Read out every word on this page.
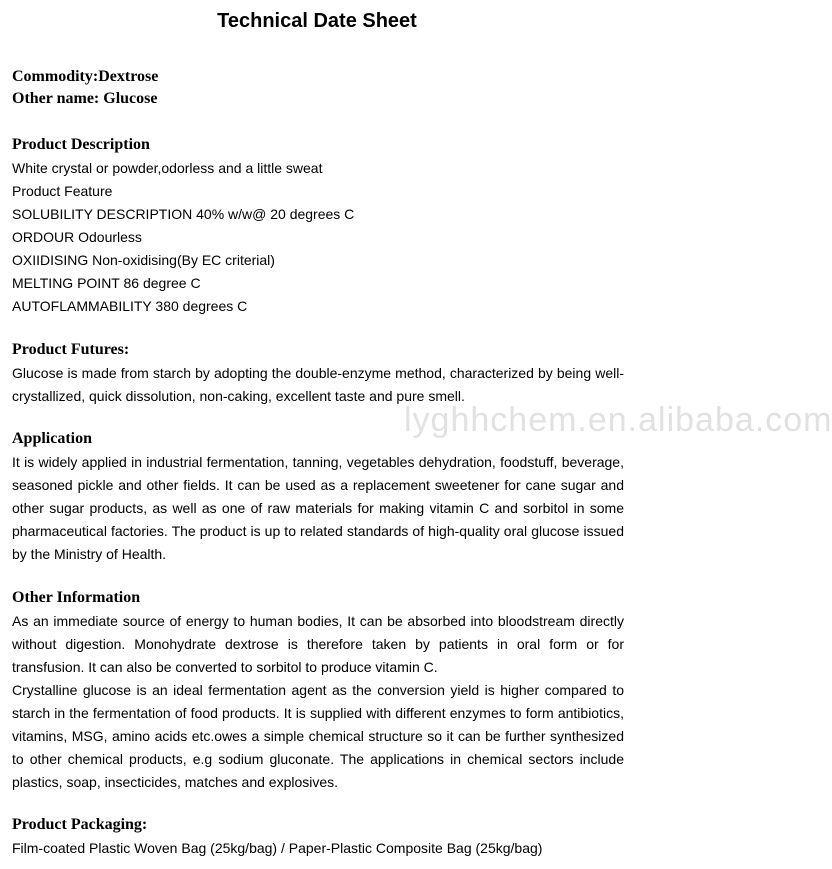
Technical Date Sheet
Commodity:Dextrose
Other name: Glucose
Product Description
White crystal or powder,odorless and a little sweat
Product Feature
SOLUBILITY DESCRIPTION 40% w/w@ 20 degrees C
ORDOUR Odourless
OXIIDISING Non-oxidising(By EC criterial)
MELTING POINT 86 degree C
AUTOFLAMMABILITY 380 degrees C
Product Futures:
Glucose is made from starch by adopting the double-enzyme method, characterized by being well-crystallized, quick dissolution, non-caking, excellent taste and pure smell.
lyghhchem.en.alibaba.com
Application
It is widely applied in industrial fermentation, tanning, vegetables dehydration, foodstuff, beverage, seasoned pickle and other fields. It can be used as a replacement sweetener for cane sugar and other sugar products, as well as one of raw materials for making vitamin C and sorbitol in some pharmaceutical factories. The product is up to related standards of high-quality oral glucose issued by the Ministry of Health.
Other Information
As an immediate source of energy to human bodies, It can be absorbed into bloodstream directly without digestion. Monohydrate dextrose is therefore taken by patients in oral form or for transfusion. It can also be converted to sorbitol to produce vitamin C.
Crystalline glucose is an ideal fermentation agent as the conversion yield is higher compared to starch in the fermentation of food products. It is supplied with different enzymes to form antibiotics, vitamins, MSG, amino acids etc.owes a simple chemical structure so it can be further synthesized to other chemical products, e.g sodium gluconate. The applications in chemical sectors include plastics, soap, insecticides, matches and explosives.
Product Packaging:
Film-coated Plastic Woven Bag (25kg/bag) / Paper-Plastic Composite Bag (25kg/bag)
